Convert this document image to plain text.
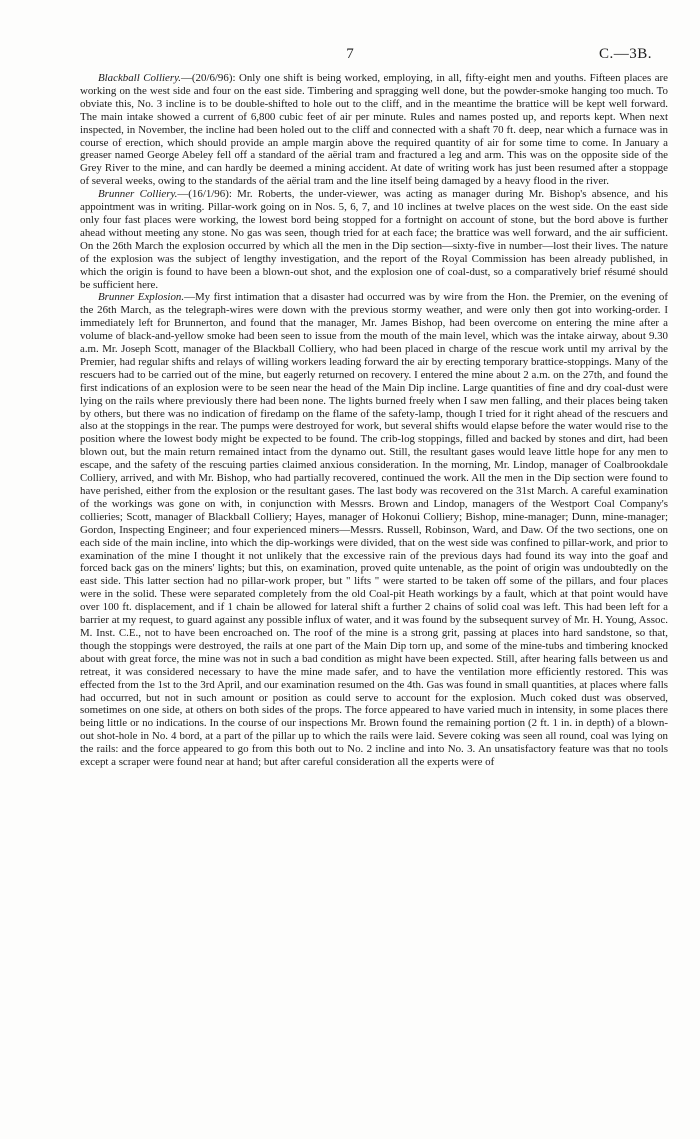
7	C.—3B.

Blackball Colliery.—(20/6/96): Only one shift is being worked, employing, in all, fifty-eight men and youths. Fifteen places are working on the west side and four on the east side. Timbering and spragging well done, but the powder-smoke hanging too much. To obviate this, No. 3 incline is to be double-shifted to hole out to the cliff, and in the meantime the brattice will be kept well forward. The main intake showed a current of 6,800 cubic feet of air per minute. Rules and names posted up, and reports kept. When next inspected, in November, the incline had been holed out to the cliff and connected with a shaft 70 ft. deep, near which a furnace was in course of erection, which should provide an ample margin above the required quantity of air for some time to come. In January a greaser named George Abeley fell off a standard of the aërial tram and fractured a leg and arm. This was on the opposite side of the Grey River to the mine, and can hardly be deemed a mining accident. At date of writing work has just been resumed after a stoppage of several weeks, owing to the standards of the aërial tram and the line itself being damaged by a heavy flood in the river.

Brunner Colliery.—(16/1/96): Mr. Roberts, the under-viewer, was acting as manager during Mr. Bishop's absence, and his appointment was in writing. Pillar-work going on in Nos. 5, 6, 7, and 10 inclines at twelve places on the west side. On the east side only four fast places were working, the lowest bord being stopped for a fortnight on account of stone, but the bord above is further ahead without meeting any stone. No gas was seen, though tried for at each face; the brattice was well forward, and the air sufficient. On the 26th March the explosion occurred by which all the men in the Dip section—sixty-five in number—lost their lives. The nature of the explosion was the subject of lengthy investigation, and the report of the Royal Commission has been already published, in which the origin is found to have been a blown-out shot, and the explosion one of coal-dust, so a comparatively brief résumé should be sufficient here.

Brunner Explosion.—My first intimation that a disaster had occurred was by wire from the Hon. the Premier, on the evening of the 26th March, as the telegraph-wires were down with the previous stormy weather, and were only then got into working-order. I immediately left for Brunnerton, and found that the manager, Mr. James Bishop, had been overcome on entering the mine after a volume of black-and-yellow smoke had been seen to issue from the mouth of the main level, which was the intake airway, about 9.30 a.m. Mr. Joseph Scott, manager of the Blackball Colliery, who had been placed in charge of the rescue work until my arrival by the Premier, had regular shifts and relays of willing workers leading forward the air by erecting temporary brattice-stoppings. Many of the rescuers had to be carried out of the mine, but eagerly returned on recovery. I entered the mine about 2 a.m. on the 27th, and found the first indications of an explosion were to be seen near the head of the Main Dip incline. Large quantities of fine and dry coal-dust were lying on the rails where previously there had been none. The lights burned freely when I saw men falling, and their places being taken by others, but there was no indication of firedamp on the flame of the safety-lamp, though I tried for it right ahead of the rescuers and also at the stoppings in the rear. The pumps were destroyed for work, but several shifts would elapse before the water would rise to the position where the lowest body might be expected to be found. The crib-log stoppings, filled and backed by stones and dirt, had been blown out, but the main return remained intact from the dynamo out. Still, the resultant gases would leave little hope for any men to escape, and the safety of the rescuing parties claimed anxious consideration. In the morning, Mr. Lindop, manager of Coalbrookdale Colliery, arrived, and with Mr. Bishop, who had partially recovered, continued the work. All the men in the Dip section were found to have perished, either from the explosion or the resultant gases. The last body was recovered on the 31st March. A careful examination of the workings was gone on with, in conjunction with Messrs. Brown and Lindop, managers of the Westport Coal Company's collieries; Scott, manager of Blackball Colliery; Hayes, manager of Hokonui Colliery; Bishop, mine-manager; Dunn, mine-manager; Gordon, Inspecting Engineer; and four experienced miners—Messrs. Russell, Robinson, Ward, and Daw. Of the two sections, one on each side of the main incline, into which the dip-workings were divided, that on the west side was confined to pillar-work, and prior to examination of the mine I thought it not unlikely that the excessive rain of the previous days had found its way into the goaf and forced back gas on the miners' lights; but this, on examination, proved quite untenable, as the point of origin was undoubtedly on the east side. This latter section had no pillar-work proper, but " lifts " were started to be taken off some of the pillars, and four places were in the solid. These were separated completely from the old Coal-pit Heath workings by a fault, which at that point would have over 100 ft. displacement, and if 1 chain be allowed for lateral shift a further 2 chains of solid coal was left. This had been left for a barrier at my request, to guard against any possible influx of water, and it was found by the subsequent survey of Mr. H. Young, Assoc. M. Inst. C.E., not to have been encroached on. The roof of the mine is a strong grit, passing at places into hard sandstone, so that, though the stoppings were destroyed, the rails at one part of the Main Dip torn up, and some of the mine-tubs and timbering knocked about with great force, the mine was not in such a bad condition as might have been expected. Still, after hearing falls between us and retreat, it was considered necessary to have the mine made safer, and to have the ventilation more efficiently restored. This was effected from the 1st to the 3rd April, and our examination resumed on the 4th. Gas was found in small quantities, at places where falls had occurred, but not in such amount or position as could serve to account for the explosion. Much coked dust was observed, sometimes on one side, at others on both sides of the props. The force appeared to have varied much in intensity, in some places there being little or no indications. In the course of our inspections Mr. Brown found the remaining portion (2 ft. 1 in. in depth) of a blown-out shot-hole in No. 4 bord, at a part of the pillar up to which the rails were laid. Severe coking was seen all round, coal was lying on the rails: and the force appeared to go from this both out to No. 2 incline and into No. 3. An unsatisfactory feature was that no tools except a scraper were found near at hand; but after careful consideration all the experts were of
